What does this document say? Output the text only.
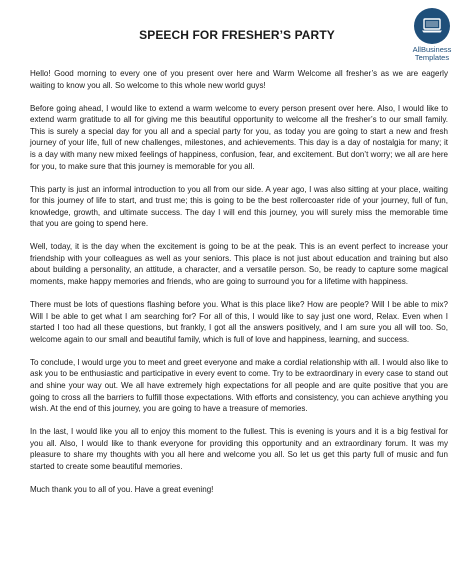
AllBusiness
Templates
SPEECH FOR FRESHER’S PARTY

Hello! Good morning to every one of you present over here and Warm Welcome all fresher’s as we are eagerly waiting to know you all. So welcome to this whole new world guys!

Before going ahead, I would like to extend a warm welcome to every person present over here. Also, I would like to extend warm gratitude to all for giving me this beautiful opportunity to welcome all the fresher’s to our small family. This is surely a special day for you all and a special party for you, as today you are going to start a new and fresh journey of your life, full of new challenges, milestones, and achievements. This day is a day of nostalgia for many; it is a day with many new mixed feelings of happiness, confusion, fear, and excitement. But don’t worry; we all are here for you, to make sure that this journey is memorable for you all.

This party is just an informal introduction to you all from our side. A year ago, I was also sitting at your place, waiting for this journey of life to start, and trust me; this is going to be the best rollercoaster ride of your journey, full of fun, knowledge, growth, and ultimate success. The day I will end this journey, you will surely miss the memorable time that you are going to spend here.

Well, today, it is the day when the excitement is going to be at the peak. This is an event perfect to increase your friendship with your colleagues as well as your seniors. This place is not just about education and training but also about building a personality, an attitude, a character, and a versatile person. So, be ready to capture some magical moments, make happy memories and friends, who are going to surround you for a lifetime with happiness.

There must be lots of questions flashing before you. What is this place like? How are people? Will I be able to mix? Will I be able to get what I am searching for? For all of this, I would like to say just one word, Relax. Even when I started I too had all these questions, but frankly, I got all the answers positively, and I am sure you all will too. So, welcome again to our small and beautiful family, which is full of love and happiness, learning, and success.

To conclude, I would urge you to meet and greet everyone and make a cordial relationship with all. I would also like to ask you to be enthusiastic and participative in every event to come. Try to be extraordinary in every case to stand out and shine your way out. We all have extremely high expectations for all people and are quite positive that you are going to cross all the barriers to fulfill those expectations. With efforts and consistency, you can achieve anything you wish. At the end of this journey, you are going to have a treasure of memories.

In the last, I would like you all to enjoy this moment to the fullest. This is evening is yours and it is a big festival for you all. Also, I would like to thank everyone for providing this opportunity and an extraordinary forum. It was my pleasure to share my thoughts with you all here and welcome you all. So let us get this party full of music and fun started to create some beautiful memories.

Much thank you to all of you. Have a great evening!
